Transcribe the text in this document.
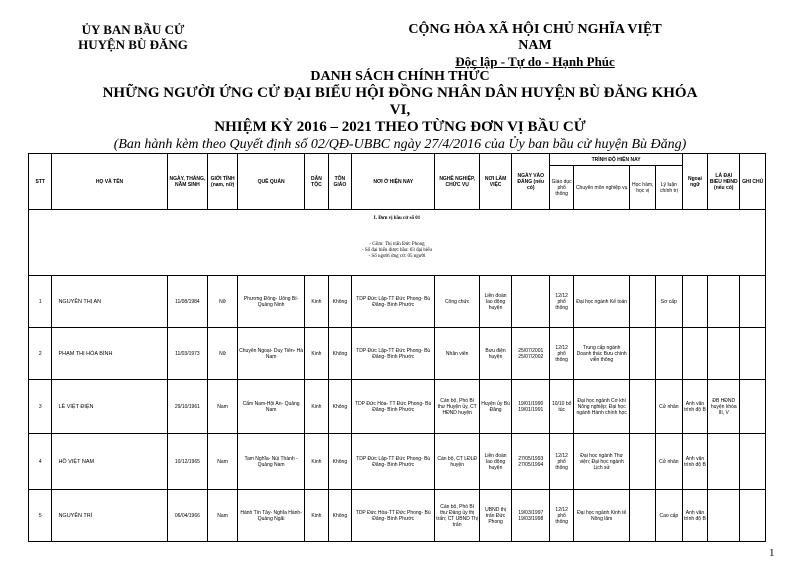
ỦY BAN BẦU CỬ
HUYỆN BÙ ĐĂNG
CỘNG HÒA XÃ HỘI CHỦ NGHĨA VIỆT NAM
Độc lập - Tự do - Hạnh Phúc
DANH SÁCH CHÍNH THỨC
NHỮNG NGƯỜI ỨNG CỬ ĐẠI BIỂU HỘI ĐỒNG NHÂN DÂN HUYỆN BÙ ĐĂNG KHÓA VI,
NHIỆM KỲ 2016 – 2021 THEO TỪNG ĐƠN VỊ BẦU CỬ
(Ban hành kèm theo Quyết định số 02/QĐ-UBBC ngày 27/4/2016 của Ủy ban bầu cử huyện Bù Đăng)
STT	HỌ VÀ TÊN	NGÀY, THÁNG, NĂM SINH	GIỚI TÍNH (nam, nữ)	QUÊ QUÁN	DÂN TỘC	TÔN GIÁO	NƠI Ở HIỆN NAY	NGHỀ NGHIỆP, CHỨC VỤ	NƠI LÀM VIỆC	NGÀY VÀO ĐẢNG (nếu có)	TRÌNH ĐỘ HIỆN NAY				Ngoại ngữ	LÀ ĐẠI BIỂU HĐND (nếu có)	GHI CHÚ
											Giáo dục phổ thông	Chuyên môn nghiệp vụ	Học hàm, học vị	Lý luận chính trị			
I. Đơn vị bầu cử số 01																	

- Gồm: Thị trấn Đức Phong
- Số đại biểu được bầu: 03 đại biểu
- Số người ứng cử: 05 người																	

1	NGUYỄN THỊ AN	11/08/1984	Nữ	Phương Đông- Uông Bí- Quảng Ninh	Kinh	Không	TDP Đức Lập-TT Đức Phong- Bù Đăng- Bình Phước	Công chức	Liên đoàn lao động huyện		12/12 phổ thông	Đại học ngành Kế toán		Sơ cấp			
2	PHẠM THỊ HÒA BÌNH	11/03/1973	Nữ	Chuyên Ngoại- Duy Tiên- Hà Nam	Kinh	Không	TDP Đức Lập-TT Đức Phong- Bù Đăng- Bình Phước	Nhân viên	Bưu điện huyện	25/07/2001 25/07/2002	12/12 phổ thông	Trung cấp ngành Doanh thác Bưu chính viễn thông					
3	LÊ VIỆT ĐIỆN	29/10/1961	Nam	Cẩm Nam-Hội An- Quảng Nam	Kinh	Không	TDP Đức Hòa- TT Đức Phong- Bù Đăng- Bình Phước	Cán bộ, Phó Bí thư Huyện ủy, CT HĐND huyện	Huyện ủy Bù Đăng	19/01/1990 19/01/1991	10/10 bổ túc	Đại học ngành Cơ khí Nông nghiệp; Đại học ngành Hành chính học		Cử nhân	Anh văn trình độ B	ĐB HĐND huyện khóa III, V	
4	HỒ VIỆT NAM	10/12/1965	Nam	Tam Nghĩa- Núi Thành -Quảng Nam	Kinh	Không	TDP Đức Lập-TT Đức Phong- Bù Đăng- Bình Phước	Cán bộ, CT LĐLĐ huyện	Liên đoàn lao động huyện	27/05/1993 27/05/1994	12/12 phổ thông	Đại học ngành Thư viện; Đại học ngành Lịch sử		Cử nhân	Anh văn trình độ B		
5	NGUYỄN TRÍ	06/04/1966	Nam	Hành Tín Tây- Nghĩa Hành- Quảng Ngãi	Kinh	Không	TDP Đức Hòa-TT Đức Phong- Bù Đăng- Bình Phước	Cán bộ, Phó Bí thư Đảng ủy thị trấn; CT UBND Thị trấn	UBND thị trấn Đức Phong	19/03/1997 19/03/1998	12/12 phổ thông	Đại học ngành Kinh tế Nông lâm		Cao cấp	Anh văn trình độ B		
1
